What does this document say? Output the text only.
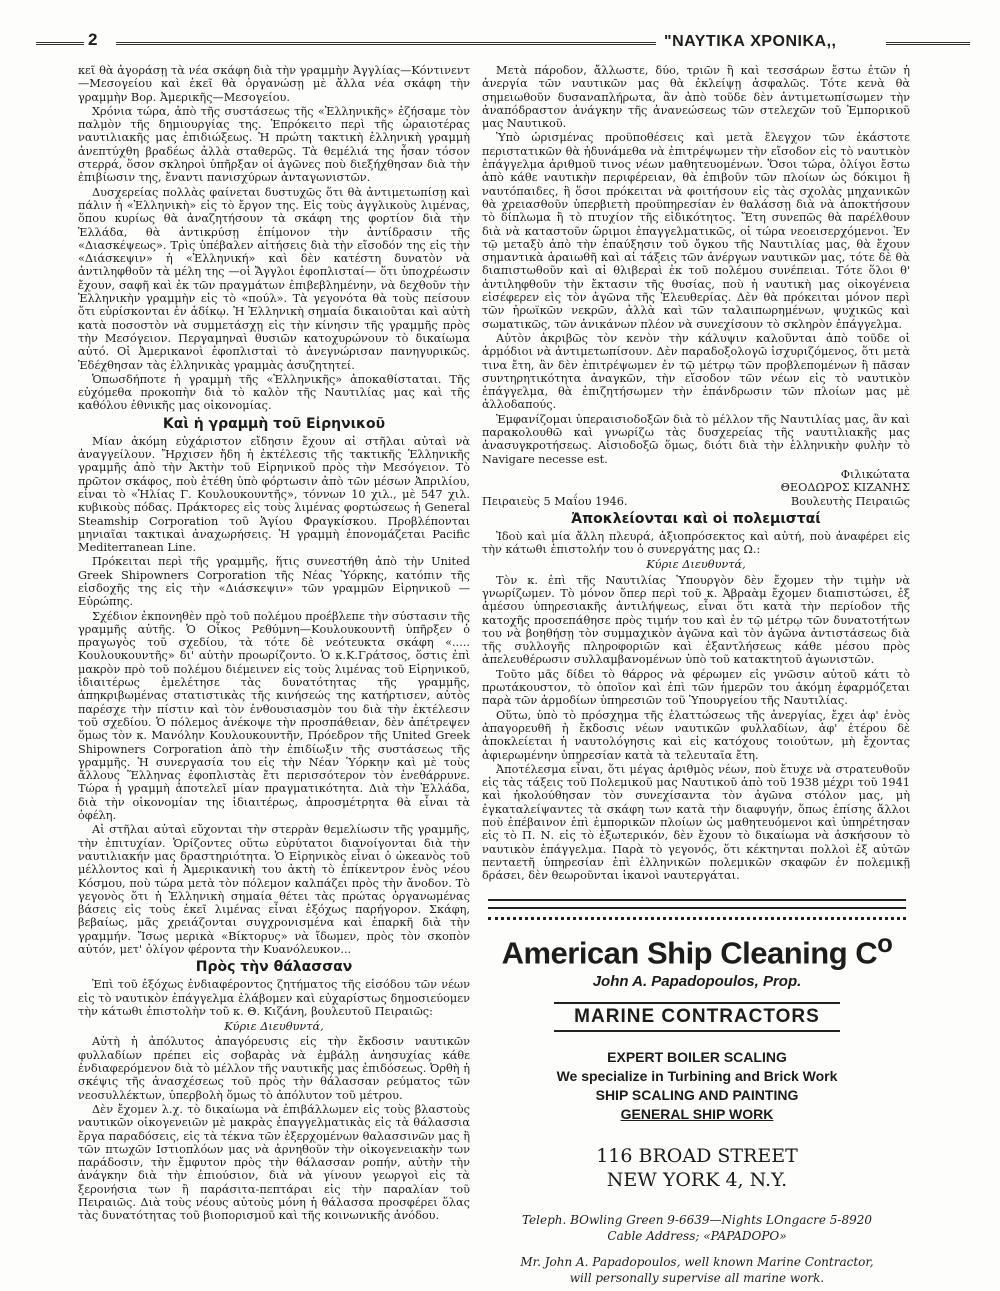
2	"ΝΑΥΤΙΚΑ ΧΡΟΝΙΚΑ,,

κεῖ θὰ ἀγοράσῃ τὰ νέα σκάφη διὰ τὴν γραμμὴν Ἀγγλίας—Κόντινεντ—Μεσογείου καὶ ἐκεῖ θὰ ὀργανώσῃ μὲ ἄλλα νέα σκάφη τὴν γραμμὴν Βορ. Ἀμερικῆς—Μεσογείου.

Χρόνια τώρα, ἀπὸ τῆς συστάσεως τῆς «Ἑλληνικῆς» ἐζήσαμε τὸν παλμὸν τῆς δημιουργίας της. Ἐπρόκειτο περὶ τῆς ὡραιοτέρας ναυτιλιακῆς μας ἐπιδιώξεως. Ἡ πρώτη τακτικὴ ἑλληνικὴ γραμμὴ ἀνεπτύχθη βραδέως ἀλλὰ σταθερῶς. Τὰ θεμέλιά της ἦσαν τόσον στερρά, ὅσον σκληροὶ ὑπῆρξαν οἱ ἀγῶνες ποὺ διεξήχθησαν διὰ τὴν ἐπιβίωσιν της, ἔναντι πανισχύρων ἀνταγωνιστῶν.

Δυσχερείας πολλὰς φαίνεται δυστυχῶς ὅτι θὰ ἀντιμετωπίσῃ καὶ πάλιν ἡ «Ἑλληνικὴ» εἰς τὸ ἔργον της. Εἰς τοὺς ἀγγλικοὺς λιμένας, ὅπου κυρίως θὰ ἀναζητήσουν τὰ σκάφη της φορτίον διὰ τὴν Ἑλλάδα, θὰ ἀντικρύσῃ ἐπίμονον τὴν ἀντίδρασιν τῆς «Διασκέψεως». Τρὶς ὑπέβαλεν αἰτήσεις διὰ τὴν εἴσοδόν της εἰς τὴν «Διάσκεψιν» ἡ «Ἑλληνική» καὶ δὲν κατέστη δυνατὸν νὰ ἀντιληφθοῦν τὰ μέλη της —οἱ Ἄγγλοι ἐφοπλισταί— ὅτι ὑποχρέωσιν ἔχουν, σαφῆ καὶ ἐκ τῶν πραγμάτων ἐπιβεβλημένην, νὰ δεχθοῦν τὴν Ἑλληνικὴν γραμμὴν εἰς τὸ «πούλ». Τὰ γεγονότα θὰ τοὺς πείσουν ὅτι εὑρίσκονται ἐν ἀδίκῳ. Ἡ Ἑλληνικὴ σημαία δικαιοῦται καὶ αὐτὴ κατὰ ποσοστὸν νὰ συμμετάσχῃ εἰς τὴν κίνησιν τῆς γραμμῆς πρὸς τὴν Μεσόγειον. Περγαμηναὶ θυσιῶν κατοχυρώνουν τὸ δικαίωμα αὐτό. Οἱ Ἀμερικανοὶ ἐφοπλισταὶ τὸ ἀνεγνώρισαν πανηγυρικῶς. Ἐδέχθησαν τὰς ἑλληνικὰς γραμμὰς ἀσυζητητεί.

Ὁπωσδήποτε ἡ γραμμὴ τῆς «Ἑλληνικῆς» ἀποκαθίσταται. Τῆς εὐχόμεθα προκοπὴν διὰ τὸ καλὸν τῆς Ναυτιλίας μας καὶ τῆς καθόλου ἐθνικῆς μας οἰκονομίας.

Καὶ ἡ γραμμὴ τοῦ Εἰρηνικοῦ

Μίαν ἀκόμη εὐχάριστον εἴδησιν ἔχουν αἱ στῆλαι αὐταὶ νὰ ἀναγγείλουν. Ἤρχισεν ἤδη ἡ ἐκτέλεσις τῆς τακτικῆς Ἑλληνικῆς γραμμῆς ἀπὸ τὴν Ἀκτὴν τοῦ Εἰρηνικοῦ πρὸς τὴν Μεσόγειον. Τὸ πρῶτον σκάφος, ποὺ ἐτέθη ὑπὸ φόρτωσιν ἀπὸ τῶν μέσων Ἀπριλίου, εἶναι τὸ «Ἡλίας Γ. Κουλουκουντῆς», τόννων 10 χιλ., μὲ 547 χιλ. κυβικοὺς πόδας. Πράκτορες εἰς τοὺς λιμένας φορτώσεως ἡ General Steamship Corporation τοῦ Ἁγίου Φραγκίσκου. Προβλέπονται μηνιαῖαι τακτικαὶ ἀναχωρήσεις. Ἡ γραμμὴ ἐπονομάζεται Pacific Mediterranean Line.

Πρόκειται περὶ τῆς γραμμῆς, ἥτις συνεστήθη ἀπὸ τὴν United Greek Shipowners Corporation τῆς Νέας Ὑόρκης, κατόπιν τῆς εἰσδοχῆς της εἰς τὴν «Διάσκεψιν» τῶν γραμμῶν Εἰρηνικοῦ — Εὐρώπης.

Σχέδιον ἐκπονηθὲν πρὸ τοῦ πολέμου προέβλεπε τὴν σύστασιν τῆς γραμμῆς αὐτῆς. Ὁ Οἶκος Ρεθύμνη—Κουλουκουντῆ ὑπῆρξεν ὁ πραγωγὸς τοῦ σχεδίου, τὰ τότε δὲ νεότευκτα σκάφη «..... Κουλουκουντῆς» δι' αὐτὴν προωρίζοντο. Ὁ κ.Κ.Γράτσος, ὅστις ἐπὶ μακρὸν πρὸ τοῦ πολέμου διέμεινεν εἰς τοὺς λιμένας τοῦ Εἰρηνικοῦ, ἰδιαιτέρως ἐμελέτησε τὰς δυνατότητας τῆς γραμμῆς, ἀπηκριβωμένας στατιστικὰς τῆς κινήσεώς της κατήρτισεν, αὐτὸς παρέσχε τὴν πίστιν καὶ τὸν ἐνθουσιασμὸν του διὰ τὴν ἐκτέλεσιν τοῦ σχεδίου. Ὁ πόλεμος ἀνέκοψε τὴν προσπάθειαν, δὲν ἀπέτρεψεν ὅμως τὸν κ. Μανόλην Κουλουκουντῆν, Πρόεδρον τῆς United Greek Shipowners Corporation ἀπὸ τὴν ἐπιδίωξιν τῆς συστάσεως τῆς γραμμῆς. Ἡ συνεργασία του εἰς τὴν Νέαν Ὑόρκην καὶ μὲ τοὺς ἄλλους Ἕλληνας ἐφοπλιστὰς ἔτι περισσότερον τὸν ἐνεθάρρυνε. Τώρα ἡ γραμμὴ ἀποτελεῖ μίαν πραγματικότητα. Διὰ τὴν Ἑλλάδα, διὰ τὴν οἰκονομίαν της ἰδιαιτέρως, ἀπροσμέτρητα θὰ εἶναι τὰ ὀφέλη.

Αἱ στῆλαι αὐταὶ εὔχονται τὴν στερρὰν θεμελίωσιν τῆς γραμμῆς, τὴν ἐπιτυχίαν. Ὁρίζοντες οὕτω εὐρύτατοι διανοίγονται διὰ τὴν ναυτιλιακήν μας δραστηριότητα. Ὁ Εἰρηνικὸς εἶναι ὁ ὠκεανὸς τοῦ μέλλοντος καὶ ἡ Ἀμερικανικὴ του ἀκτὴ τὸ ἐπίκεντρον ἑνὸς νέου Κόσμου, ποὺ τώρα μετὰ τὸν πόλεμον καλπάζει πρὸς τὴν ἄνοδον. Τὸ γεγονὸς ὅτι ἡ Ἑλληνικὴ σημαία θέτει τὰς πρώτας ὀργανωμένας βάσεις εἰς τοὺς ἐκεῖ λιμένας εἶναι ἐξόχως παρήγορον. Σκάφη, βεβαίως, μᾶς χρειάζονται συγχρονισμένα καὶ ἐπαρκῆ διὰ τὴν γραμμήν. Ἴσως μερικὰ «Βίκτορυς» νὰ ἴδωμεν, πρὸς τὸν σκοπὸν αὐτόν, μετ' ὀλίγον φέροντα τὴν Κυανόλευκον...

Πρὸς τὴν θάλασσαν

Ἐπὶ τοῦ ἐξόχως ἐνδιαφέροντος ζητήματος τῆς εἰσόδου τῶν νέων εἰς τὸ ναυτικὸν ἐπάγγελμα ἐλάβομεν καὶ εὐχαρίστως δημοσιεύομεν τὴν κάτωθι ἐπιστολὴν τοῦ κ. Θ. Κιζάνη, βουλευτοῦ Πειραιῶς:

Κύριε Διευθυντά,

Αὐτὴ ἡ ἀπόλυτος ἀπαγόρευσις εἰς τὴν ἔκδοσιν ναυτικῶν φυλλαδίων πρέπει εἰς σοβαρὰς νὰ ἐμβάλῃ ἀνησυχίας κάθε ἐνδιαφερόμενον διὰ τὸ μέλλον τῆς ναυτικῆς μας ἐπιδόσεως. Ὀρθὴ ἡ σκέψις τῆς ἀνασχέσεως τοῦ πρὸς τὴν θάλασσαν ρεύματος τῶν νεοσυλλέκτων, ὑπερβολὴ ὅμως τὸ ἀπόλυτον τοῦ μέτρου.

Δὲν ἔχομεν λ.χ. τὸ δικαίωμα νὰ ἐπιβάλλωμεν εἰς τοὺς βλαστοὺς ναυτικῶν οἰκογενειῶν μὲ μακρὰς ἐπαγγελματικὰς εἰς τὰ θάλασσια ἔργα παραδόσεις, εἰς τὰ τέκνα τῶν ἐξερχομένων θαλασσινῶν μας ἢ τῶν πτωχῶν Ιστιοπλόων μας νὰ ἀρνηθοῦν τὴν οἰκογενειακὴν των παράδοσιν, τὴν ἔμφυτον πρὸς τὴν θάλασσαν ροπήν, αὐτὴν τὴν ἀνάγκην διὰ τὴν ἐπιούσιον, διὰ νὰ γίνουν γεωργοὶ εἰς τὰ ξερονήσια των ἢ παράσιτα-πεπτάραι εἰς τὴν παραλίαν τοῦ Πειραιῶς. Διὰ τοὺς νέους αὐτοὺς μόνη ἡ θάλασσα προσφέρει ὅλας τὰς δυνατότητας τοῦ βιοπορισμοῦ καὶ τῆς κοινωνικῆς ἀνόδου.

Μετὰ πάροδον, ἄλλωστε, δύο, τριῶν ἢ καὶ τεσσάρων ἔστω ἐτῶν ἡ ἀνεργία τῶν ναυτικῶν μας θὰ ἐκλείψῃ ἀσφαλῶς. Τότε κενὰ θὰ σημειωθοῦν δυσαναπλήρωτα, ἂν ἀπὸ τοῦδε δὲν ἀντιμετωπίσωμεν τὴν ἀναπόδραστον ἀνάγκην τῆς ἀνανεώσεως τῶν στελεχῶν τοῦ Ἐμπορικοῦ μας Ναυτικοῦ.

Ὑπὸ ὡρισμένας προϋποθέσεις καὶ μετὰ ἔλεγχον τῶν ἑκάστοτε περιστατικῶν θὰ ἠδυνάμεθα νὰ ἐπιτρέψωμεν τὴν εἴσοδον εἰς τὸ ναυτικὸν ἐπάγγελμα ἀριθμοῦ τινος νέων μαθητευομένων. Ὅσοι τώρα, ὀλίγοι ἔστω ἀπὸ κάθε ναυτικὴν περιφέρειαν, θὰ ἐπιβοῦν τῶν πλοίων ὡς δόκιμοι ἢ ναυτόπαιδες, ἢ ὅσοι πρόκειται νὰ φοιτήσουν εἰς τὰς σχολὰς μηχανικῶν θὰ χρειασθοῦν ὑπερβιετὴ προϋπηρεσίαν ἐν θαλάσσῃ διὰ νὰ ἀποκτήσουν τὸ δίπλωμα ἢ τὸ πτυχίον τῆς εἰδικότητος. Ἔτη συνεπῶς θὰ παρέλθουν διὰ νὰ καταστοῦν ὥριμοι ἐπαγγελματικῶς, οἱ τώρα νεοεισερχόμενοι. Ἐν τῷ μεταξὺ ἀπὸ τὴν ἐπαύξησιν τοῦ ὄγκου τῆς Ναυτιλίας μας, θὰ ἔχουν σημαντικὰ ἀραιωθῆ καὶ αἱ τάξεις τῶν ἀνέργων ναυτικῶν μας, τότε δὲ θὰ διαπιστωθοῦν καὶ αἱ θλιβεραὶ ἐκ τοῦ πολέμου συνέπειαι. Τότε ὅλοι θ' ἀντιληφθοῦν τὴν ἔκτασιν τῆς θυσίας, ποὺ ἡ ναυτικὴ μας οἰκογένεια εἰσέφερεν εἰς τὸν ἀγῶνα τῆς Ἐλευθερίας. Δὲν θὰ πρόκειται μόνον περὶ τῶν ἡρωϊκῶν νεκρῶν, ἀλλὰ καὶ τῶν ταλαιπωρημένων, ψυχικῶς καὶ σωματικῶς, τῶν ἀνικάνων πλέον νὰ συνεχίσουν τὸ σκληρὸν ἐπάγγελμα.

Αὐτὸν ἀκριβῶς τὸν κενὸν τὴν κάλυψιν καλοῦνται ἀπὸ τοῦδε οἱ ἁρμόδιοι νὰ ἀντιμετωπίσουν. Δὲν παραδοξολογῶ ἰσχυριζόμενος, ὅτι μετὰ τινα ἔτη, ἂν δὲν ἐπιτρέψωμεν ἐν τῷ μέτρῳ τῶν προβλεπομένων ἢ πᾶσαν συντηρητικότητα ἀναγκῶν, τὴν εἴσοδον τῶν νέων εἰς τὸ ναυτικὸν ἐπάγγελμα, θὰ ἐπιζητήσωμεν τὴν ἐπάνδρωσιν τῶν πλοίων μας μὲ ἀλλοδαπούς.

Ἐμφανίζομαι ὑπεραισιοδοξῶν διὰ τὸ μέλλον τῆς Ναυτιλίας μας, ἂν καὶ παρακολουθῶ καὶ γνωρίζω τὰς δυσχερείας τῆς ναυτιλιακῆς μας ἀνασυγκροτήσεως. Αἰσιοδοξῶ ὅμως, διότι διὰ τὴν ἑλληνικὴν φυλὴν τὸ Navigare necesse est.

Πειραιεὺς 5 Μαΐου 1946.
Φιλικώτατα
ΘΕΟΔΩΡΟΣ ΚΙΖΑΝΗΣ
Βουλευτὴς Πειραιῶς
Ἀποκλείονται καὶ οἱ πολεμισταί

Ἰδοὺ καὶ μία ἄλλη πλευρά, ἀξιοπρόσεκτος καὶ αὐτή, ποὺ ἀναφέρει εἰς τὴν κάτωθι ἐπιστολήν του ὁ συνεργάτης μας Ω.:

Κύριε Διευθυντά,

Τὸν κ. ἐπὶ τῆς Ναυτιλίας Ὑπουργὸν δὲν ἔχομεν τὴν τιμὴν νὰ γνωρίζωμεν. Τὸ μόνον ὅπερ περὶ τοῦ κ. Ἀβραὰμ ἔχομεν διαπιστώσει, ἐξ ἀμέσου ὑπηρεσιακῆς ἀντιλήψεως, εἶναι ὅτι κατὰ τὴν περίοδον τῆς κατοχῆς προσεπάθησε πρὸς τιμήν του καὶ ἐν τῷ μέτρῳ τῶν δυνατοτήτων του νὰ βοηθήσῃ τὸν συμμαχικὸν ἀγῶνα καὶ τὸν ἀγῶνα ἀντιστάσεως διὰ τῆς συλλογῆς πληροφοριῶν καὶ ἐξαντλήσεως κάθε μέσου πρὸς ἀπελευθέρωσιν συλλαμβανομένων ὑπὸ τοῦ κατακτητοῦ ἀγωνιστῶν.

Τοῦτο μᾶς δίδει τὸ θάρρος νὰ φέρωμεν εἰς γνῶσιν αὐτοῦ κάτι τὸ πρωτάκουστον, τὸ ὁποῖον καὶ ἐπὶ τῶν ἡμερῶν του ἀκόμη ἐφαρμόζεται παρὰ τῶν ἁρμοδίων ὑπηρεσιῶν τοῦ Ὑπουργείου τῆς Ναυτιλίας.

Οὕτω, ὑπὸ τὸ πρόσχημα τῆς ἐλαττώσεως τῆς ἀνεργίας, ἔχει ἀφ' ἑνὸς ἀπαγορευθῆ ἡ ἔκδοσις νέων ναυτικῶν φυλλαδίων, ἀφ' ἑτέρου δὲ ἀποκλείεται ἡ ναυτολόγησις καὶ εἰς κατόχους τοιούτων, μὴ ἔχοντας ἀφιερωμένην ὑπηρεσίαν κατὰ τὰ τελευταῖα ἔτη.

Ἀποτέλεσμα εἶναι, ὅτι μέγας ἀριθμὸς νέων, ποὺ ἔτυχε νὰ στρατευθοῦν εἰς τὰς τάξεις τοῦ Πολεμικοῦ μας Ναυτικοῦ ἀπὸ τοῦ 1938 μέχρι τοῦ 1941 καὶ ἠκολούθησαν τὸν συνεχίσαντα τὸν ἀγῶνα στόλον μας, μὴ ἐγκαταλείψαντες τὰ σκάφη των κατὰ τὴν διαφυγήν, ὅπως ἐπίσης ἄλλοι ποὺ ἐπέβαινον ἐπὶ ἐμπορικῶν πλοίων ὡς μαθητευόμενοι καὶ ὑπηρέτησαν εἰς τὸ Π. Ν. εἰς τὸ ἐξωτερικόν, δὲν ἔχουν τὸ δικαίωμα νὰ ἀσκήσουν τὸ ναυτικὸν ἐπάγγελμα. Παρὰ τὸ γεγονός, ὅτι κέκτηνται πολλοὶ ἐξ αὐτῶν πενταετῆ ὑπηρεσίαν ἐπὶ ἑλληνικῶν πολεμικῶν σκαφῶν ἐν πολεμικῇ δράσει, δὲν θεωροῦνται ἱκανοὶ ναυτεργάται.

American Ship Cleaning $C^o$
John A. Papadopoulos, Prop.
MARINE CONTRACTORS
EXPERT BOILER SCALING
We specialize in Turbining and Brick Work
SHIP SCALING AND PAINTING
GENERAL SHIP WORK
116 BROAD STREET
NEW YORK 4, N.Y.
Teleph. BOwling Green 9-6639—Nights LOngacre 5-8920
Cable Address; «PAPADOPO»
Mr. John A. Papadopoulos, well known Marine Contractor,
will personally supervise all marine work.
